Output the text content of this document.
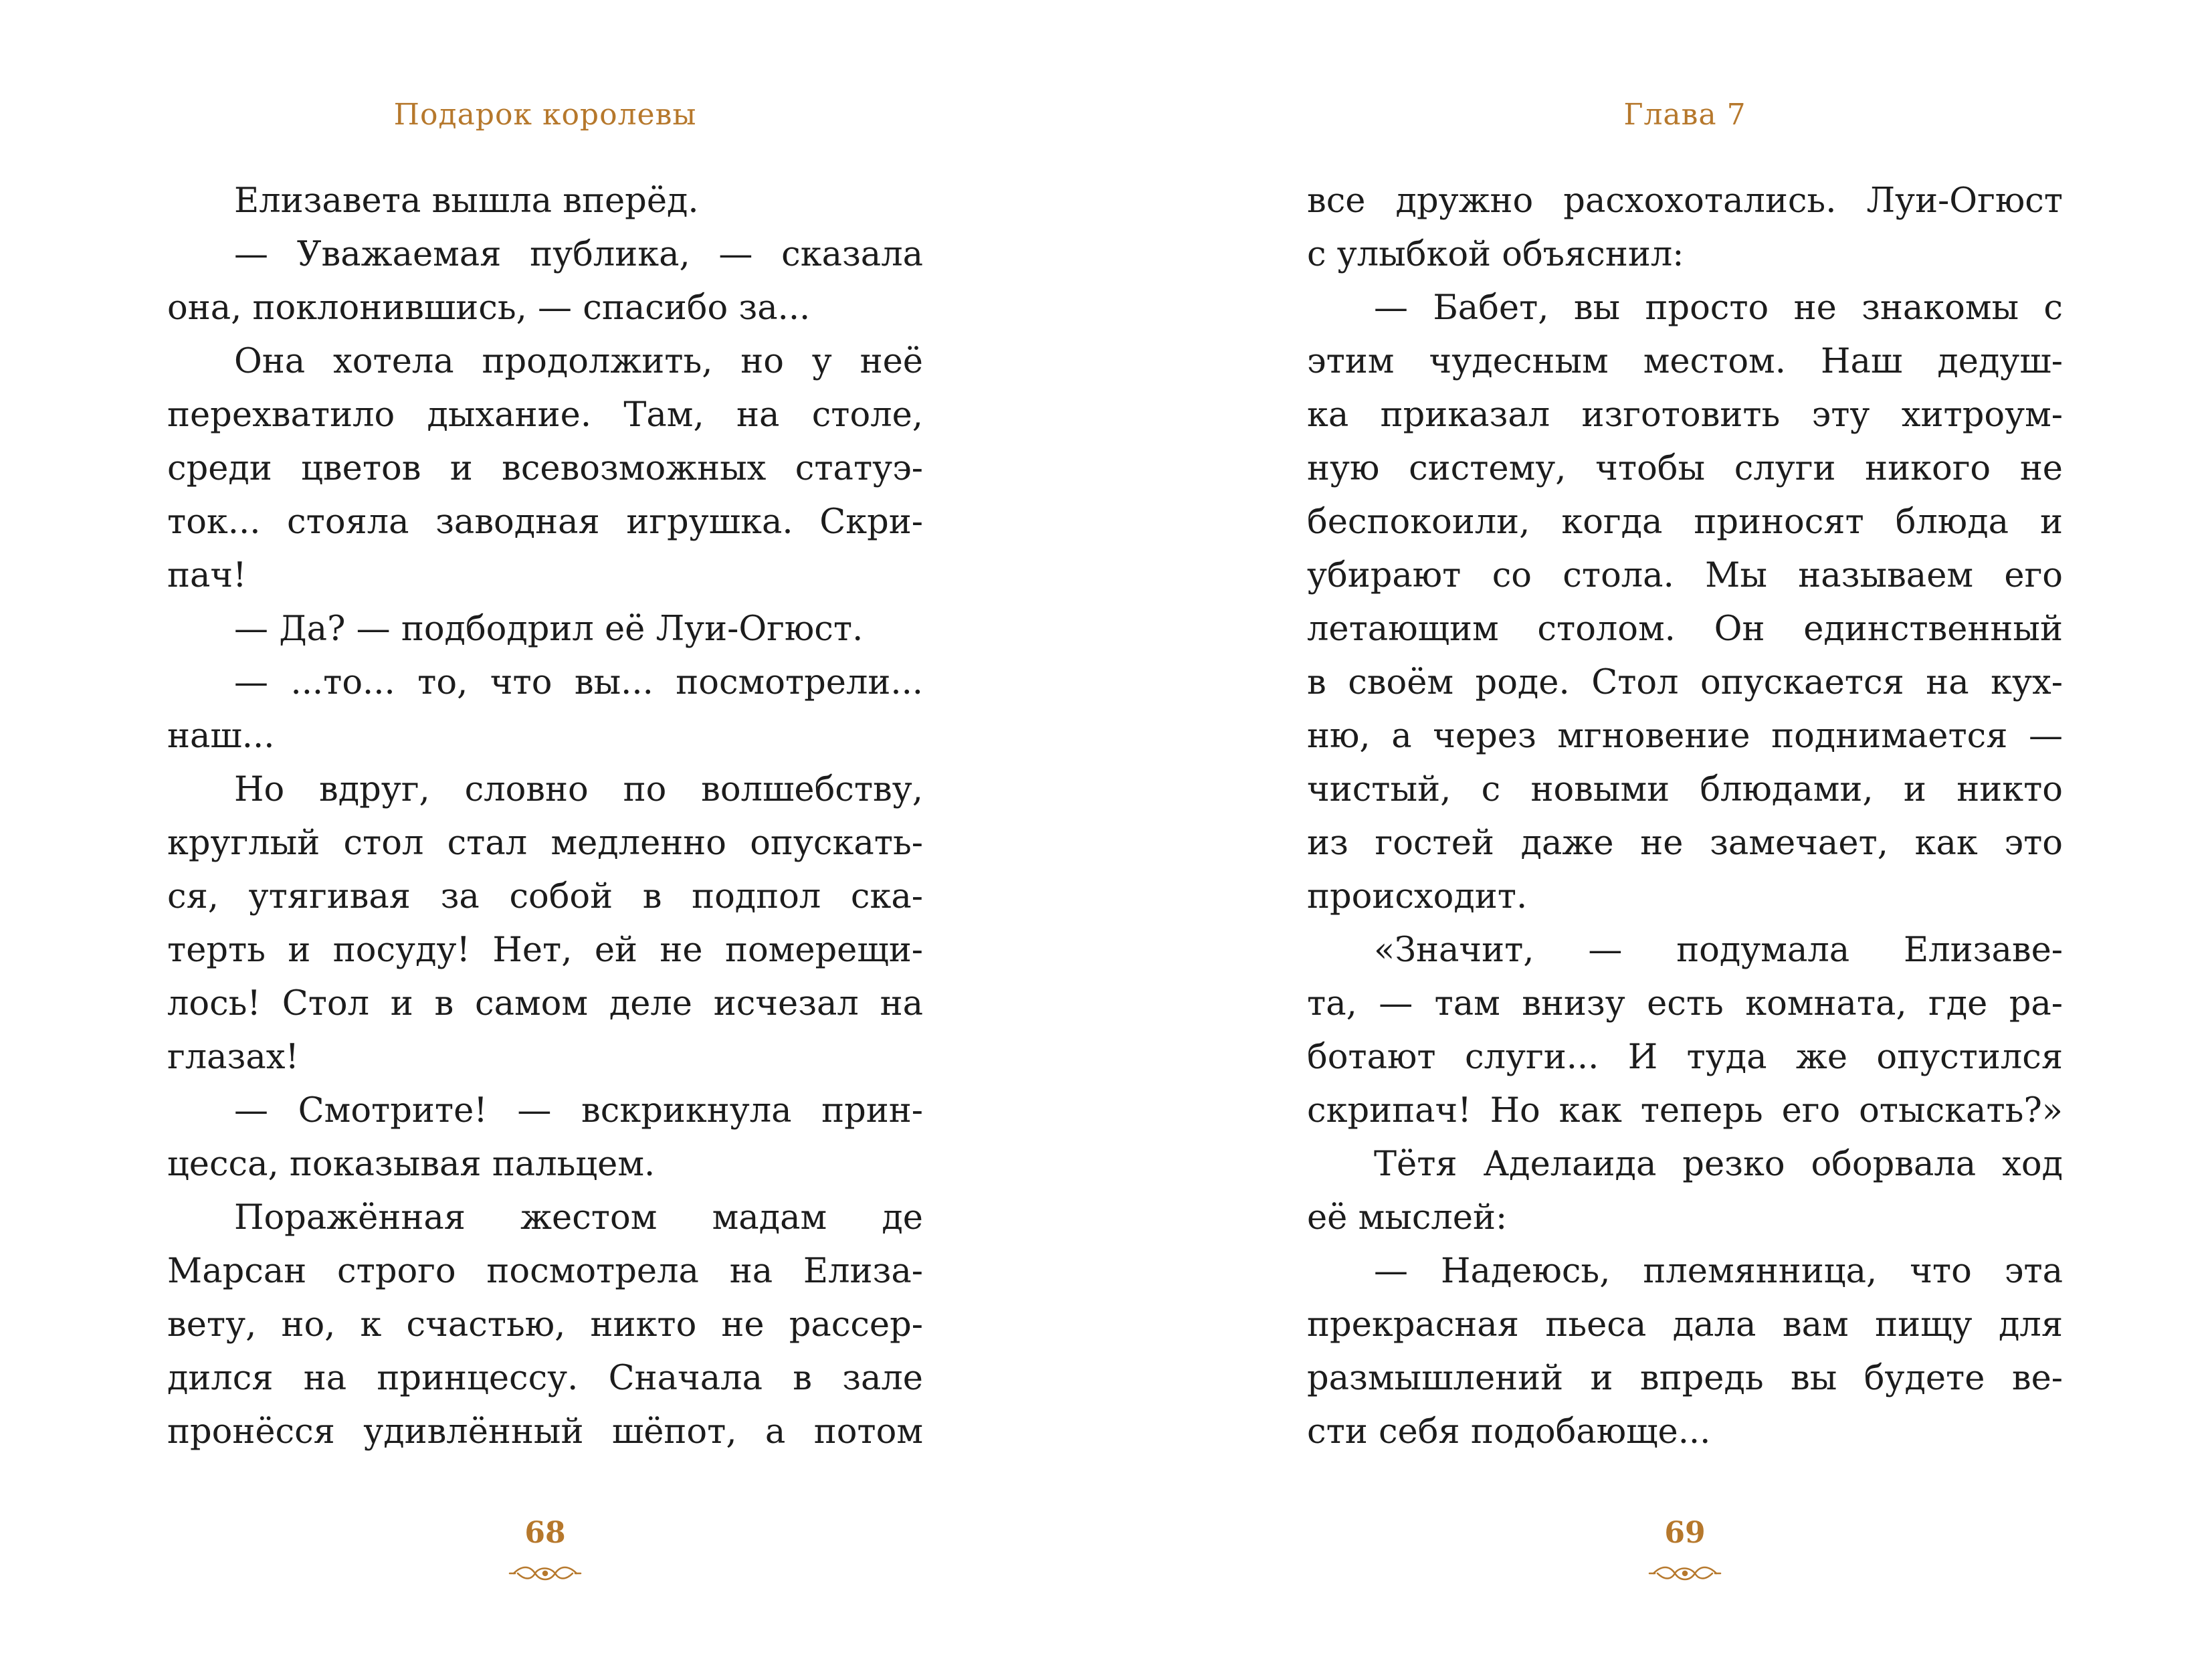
Подарок королевы
Елизавета вышла вперёд.
— Уважаемая публика, — сказала
она, поклонившись, — спасибо за...
Она хотела продолжить, но у неё
перехватило дыхание. Там, на столе,
среди цветов и всевозможных статуэ-
ток... стояла заводная игрушка. Скри-
пач!
— Да? — подбодрил её Луи-Огюст.
— ...то... то, что вы... посмотрели...
наш...
Но вдруг, словно по волшебству,
круглый стол стал медленно опускать-
ся, утягивая за собой в подпол ска-
терть и посуду! Нет, ей не померещи-
лось! Стол и в самом деле исчезал на
глазах!
— Смотрите! — вскрикнула прин-
цесса, показывая пальцем.
Поражённая жестом мадам де
Марсан строго посмотрела на Елиза-
вету, но, к счастью, никто не рассер-
дился на принцессу. Сначала в зале
пронёсся удивлённый шёпот, а потом
68
Глава 7
все дружно расхохотались. Луи-Огюст
с улыбкой объяснил:
— Бабет, вы просто не знакомы с
этим чудесным местом. Наш дедуш-
ка приказал изготовить эту хитроум-
ную систему, чтобы слуги никого не
беспокоили, когда приносят блюда и
убирают со стола. Мы называем его
летающим столом. Он единственный
в своём роде. Стол опускается на кух-
ню, а через мгновение поднимается —
чистый, с новыми блюдами, и никто
из гостей даже не замечает, как это
происходит.
«Значит, — подумала Елизаве-
та, — там внизу есть комната, где ра-
ботают слуги... И туда же опустился
скрипач! Но как теперь его отыскать?»
Тётя Аделаида резко оборвала ход
её мыслей:
— Надеюсь, племянница, что эта
прекрасная пьеса дала вам пищу для
размышлений и впредь вы будете ве-
сти себя подобающе...
69
